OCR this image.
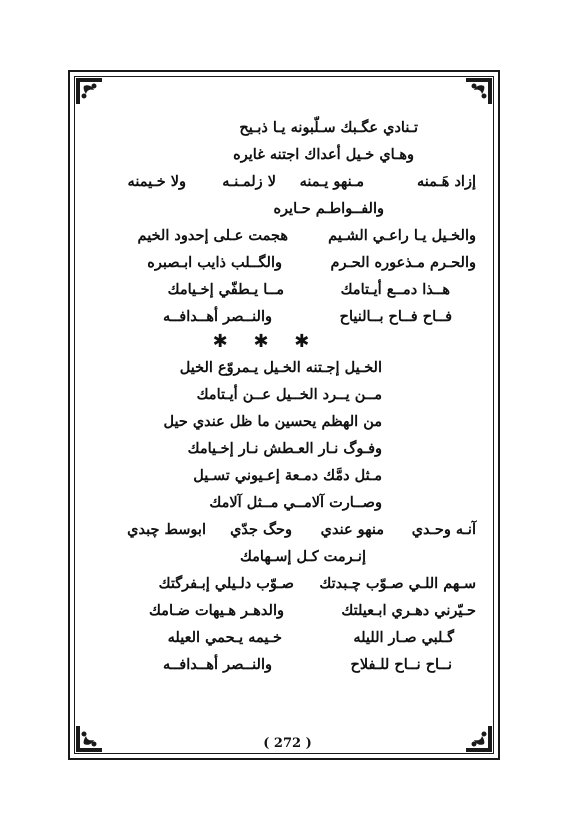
تـنادي عگـبك سـلّبونه يـا ذبـيح
وهـاي خـيل أعداك اجتنه غايره
إزاد هَـمنه
مـنهو يـمنه
لا زلمـنـه
ولا خـيمنه
والفــواطـم حـايره
والخـيل يـا راعـي الشـيم
هجمت عـلى إحدود الخيم
والحـرم مـذعوره الحـرم
والگــلب ذايب ابـصبره
هــذا دمــع أيـتامك
مــا يـطفّي إخـيامك
فــاح فــاح بــالنياح
والنــصر أهــدافــه
✱ ✱ ✱
الخـيل إجـتنه الخـيل يـمروّع الخيل
مــن يــرد الخــيل عــن أيـتامك
من الهظم يحسين ما ظل عندي حيل
وفـوگ نـار العـطش نـار إخـيامك
مـثل دمَّك دمـعة إعـيوني تسـيل
وصــارت آلامــي مــثل آلامك
آنـه وحـدي
منهو عندي
وحگ جدّي
ابوسط چبدي
إنـرمت كـل إسـهامك
سـهم اللـي صـوّب چـبدتك
صـوّب دلـيلي إبـفرگتك
حـيّرني دهـري ابـعيلتك
والدهـر هـيهات ضـامك
گـلبي صـار الليله
خـيمه يـحمي العيله
نــاح نــاح للـفلاح
والنــصر أهــدافــه
( 272 )
